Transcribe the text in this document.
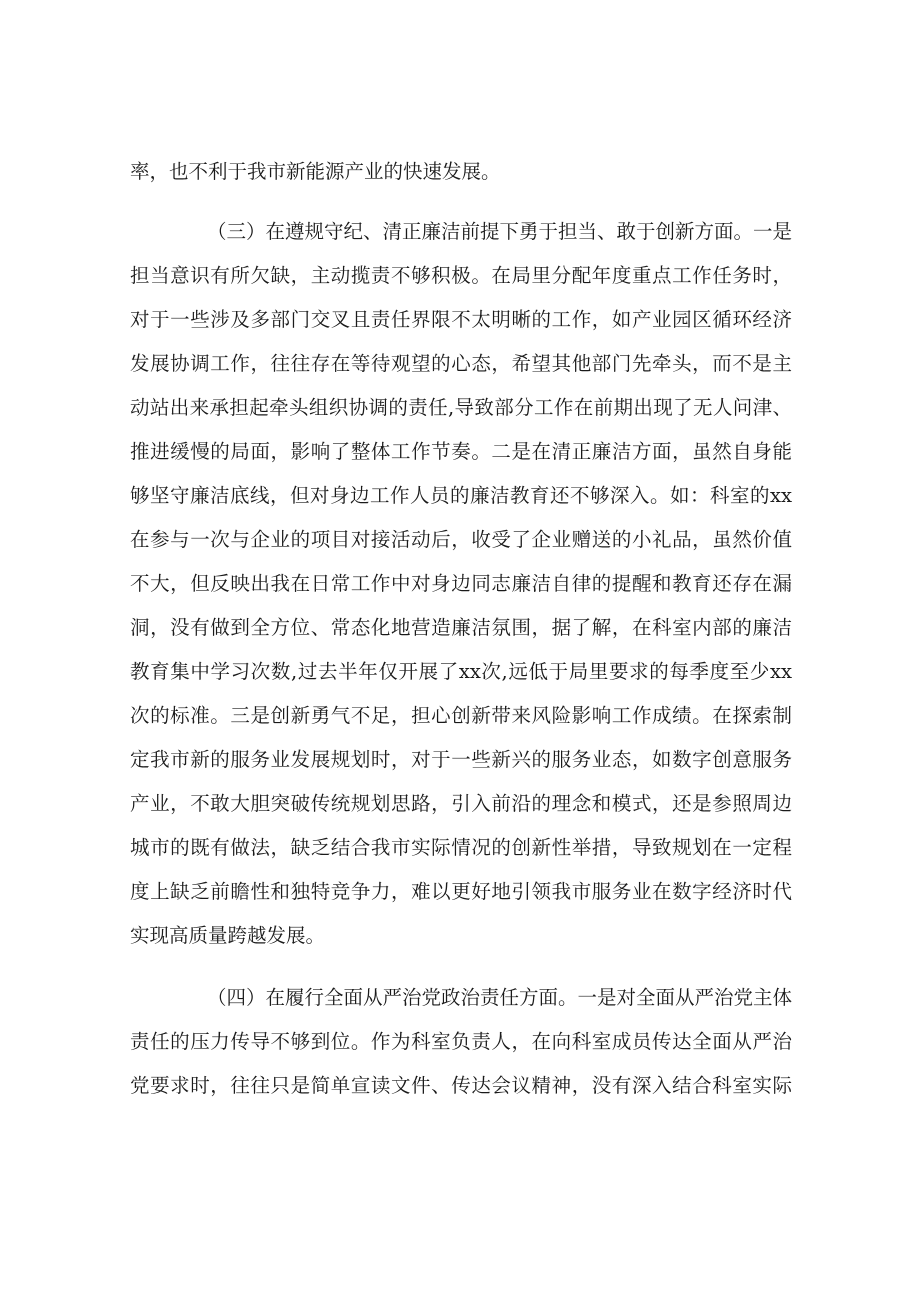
率，也不利于我市新能源产业的快速发展。
（三）在遵规守纪、清正廉洁前提下勇于担当、敢于创新方面。一是
担当意识有所欠缺，主动揽责不够积极。在局里分配年度重点工作任务时，
对于一些涉及多部门交叉且责任界限不太明晰的工作，如产业园区循环经济
发展协调工作，往往存在等待观望的心态，希望其他部门先牵头，而不是主
动站出来承担起牵头组织协调的责任,导致部分工作在前期出现了无人问津、
推进缓慢的局面，影响了整体工作节奏。二是在清正廉洁方面，虽然自身能
够坚守廉洁底线，但对身边工作人员的廉洁教育还不够深入。如：科室的xx
在参与一次与企业的项目对接活动后，收受了企业赠送的小礼品，虽然价值
不大，但反映出我在日常工作中对身边同志廉洁自律的提醒和教育还存在漏
洞，没有做到全方位、常态化地营造廉洁氛围，据了解，在科室内部的廉洁
教育集中学习次数,过去半年仅开展了xx次,远低于局里要求的每季度至少xx
次的标准。三是创新勇气不足，担心创新带来风险影响工作成绩。在探索制
定我市新的服务业发展规划时，对于一些新兴的服务业态，如数字创意服务
产业，不敢大胆突破传统规划思路，引入前沿的理念和模式，还是参照周边
城市的既有做法，缺乏结合我市实际情况的创新性举措，导致规划在一定程
度上缺乏前瞻性和独特竞争力，难以更好地引领我市服务业在数字经济时代
实现高质量跨越发展。
（四）在履行全面从严治党政治责任方面。一是对全面从严治党主体
责任的压力传导不够到位。作为科室负责人，在向科室成员传达全面从严治
党要求时，往往只是简单宣读文件、传达会议精神，没有深入结合科室实际
